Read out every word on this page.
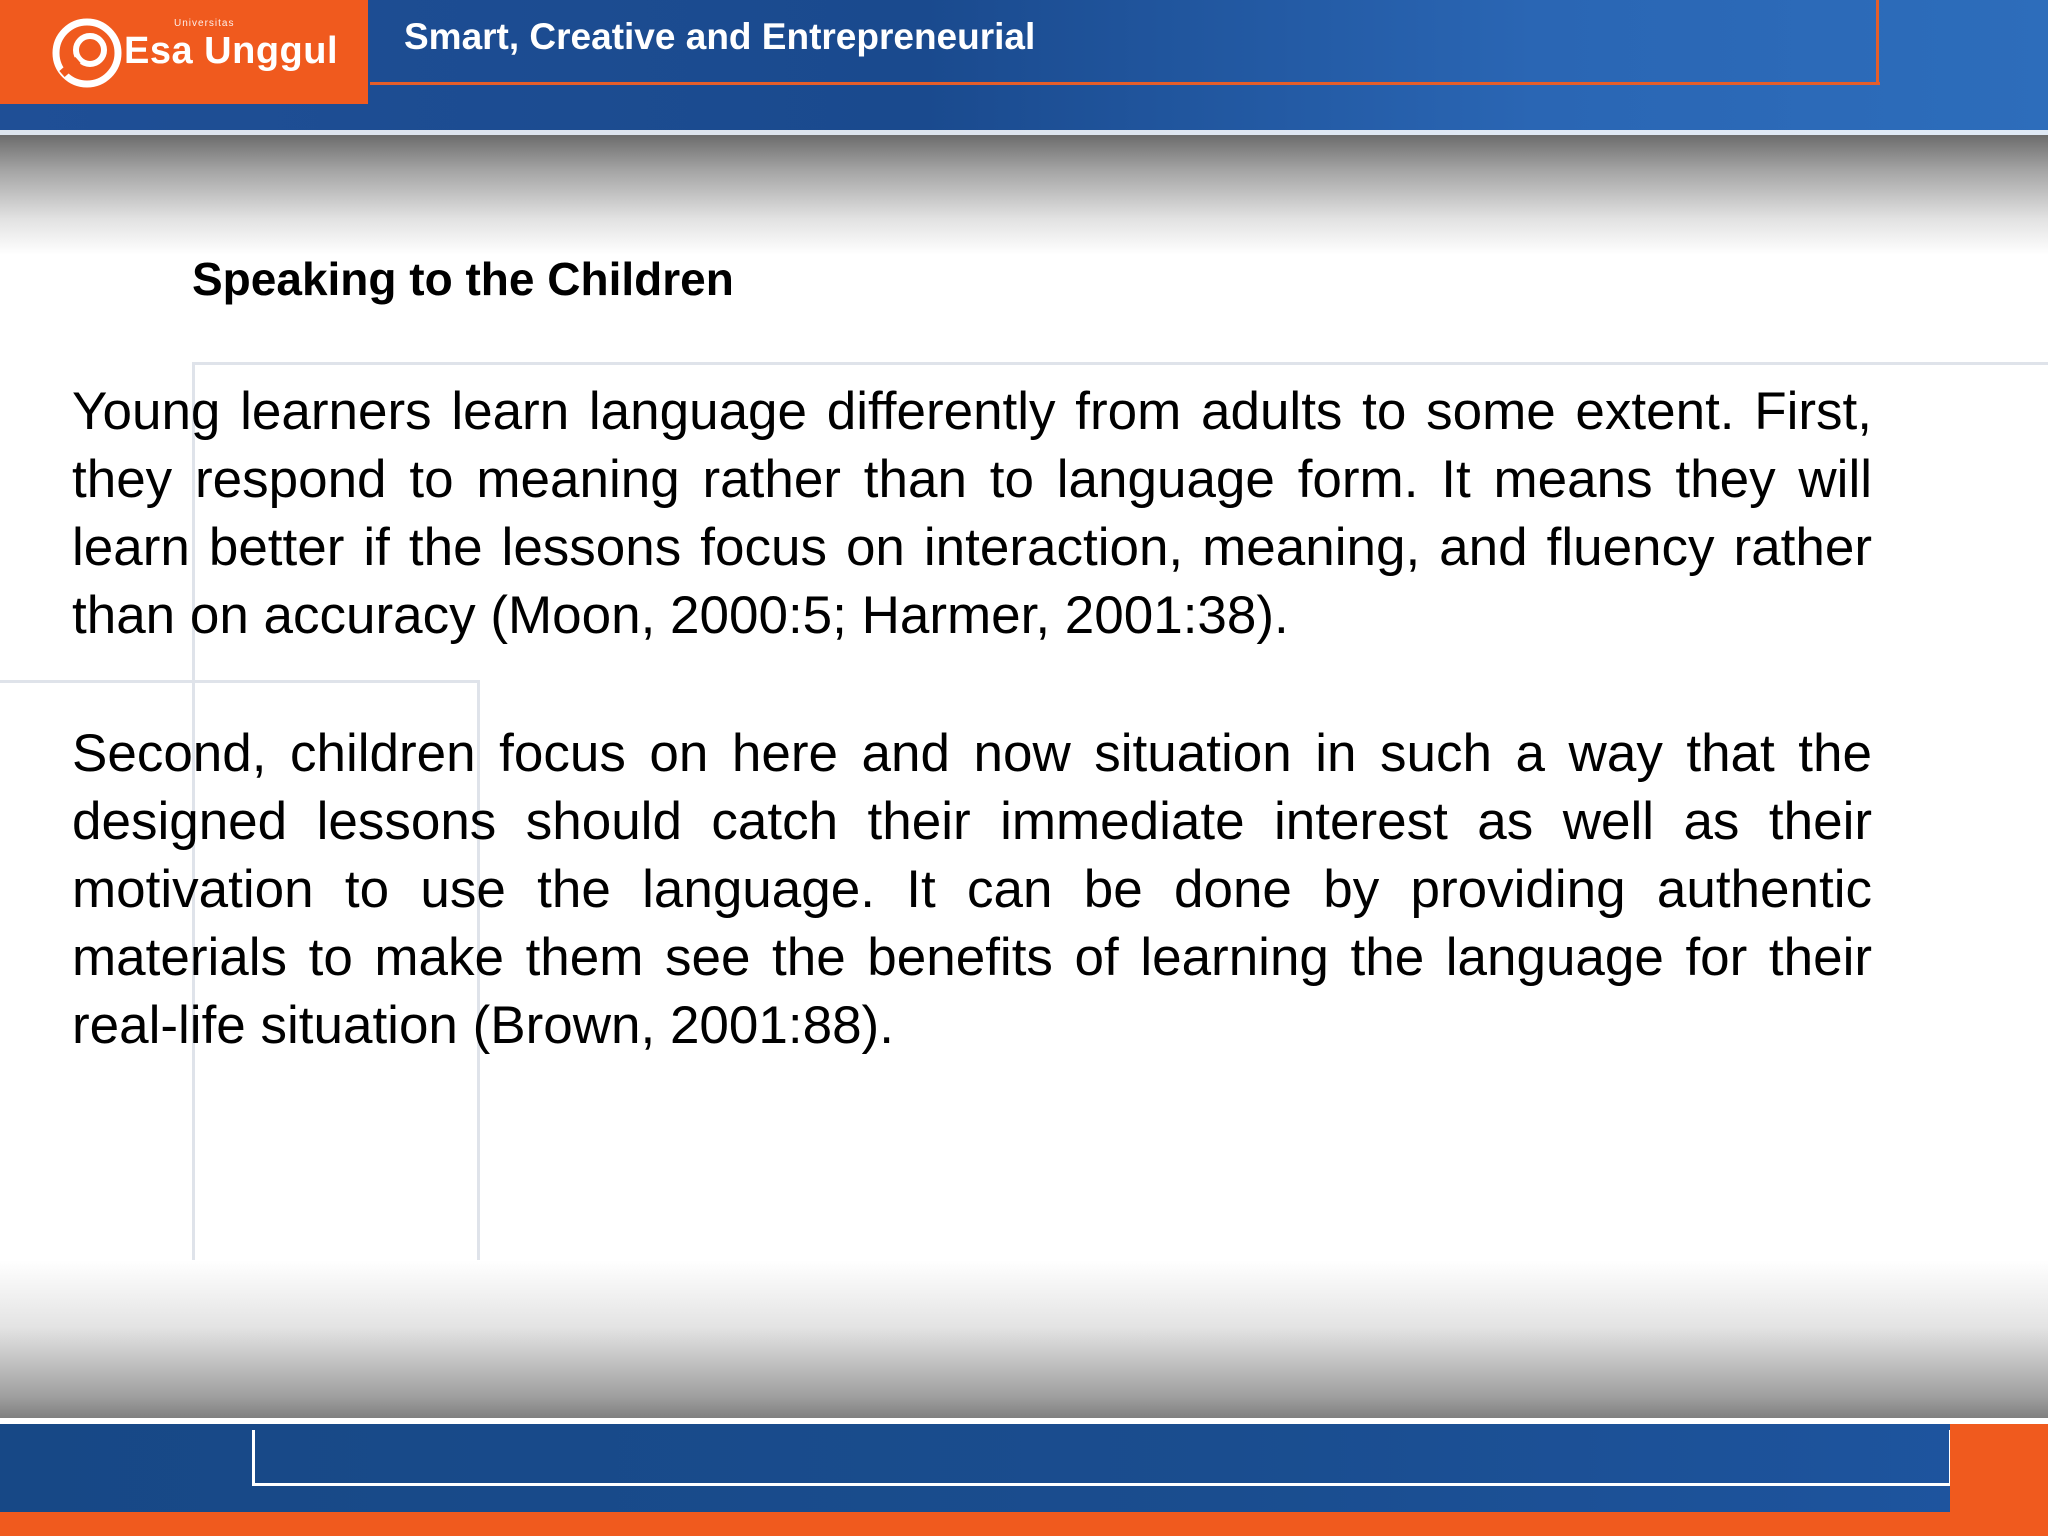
Universitas
Esa Unggul Smart, Creative and Entrepreneurial
Speaking to the Children

Young learners learn language differently from adults to some extent. First, they respond to meaning rather than to language form. It means they will learn better if the lessons focus on interaction, meaning, and fluency rather than on accuracy (Moon, 2000:5; Harmer, 2001:38).

Second, children focus on here and now situation in such a way that the designed lessons should catch their immediate interest as well as their motivation to use the language. It can be done by providing authentic materials to make them see the benefits of learning the language for their real-life situation (Brown, 2001:88).
